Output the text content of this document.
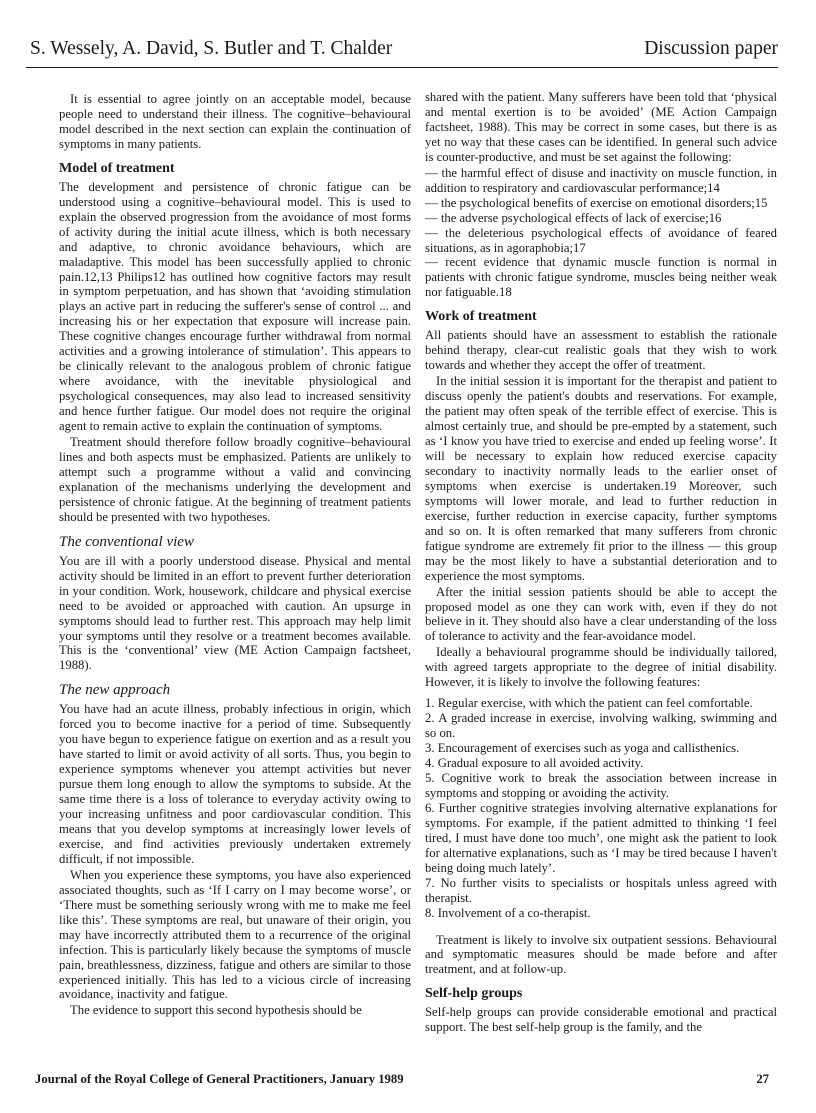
S. Wessely, A. David, S. Butler and T. Chalder	Discussion paper

It is essential to agree jointly on an acceptable model, because people need to understand their illness. The cognitive–behavioural model described in the next section can explain the continuation of symptoms in many patients.

Model of treatment

The development and persistence of chronic fatigue can be understood using a cognitive–behavioural model. This is used to explain the observed progression from the avoidance of most forms of activity during the initial acute illness, which is both necessary and adaptive, to chronic avoidance behaviours, which are maladaptive. This model has been successfully applied to chronic pain.12,13 Philips12 has outlined how cognitive factors may result in symptom perpetuation, and has shown that ‘avoiding stimulation plays an active part in reducing the sufferer's sense of control ... and increasing his or her expectation that exposure will increase pain. These cognitive changes encourage further withdrawal from normal activities and a growing intolerance of stimulation’. This appears to be clinically relevant to the analogous problem of chronic fatigue where avoidance, with the inevitable physiological and psychological consequences, may also lead to increased sensitivity and hence further fatigue. Our model does not require the original agent to remain active to explain the continuation of symptoms.

Treatment should therefore follow broadly cognitive–behavioural lines and both aspects must be emphasized. Patients are unlikely to attempt such a programme without a valid and convincing explanation of the mechanisms underlying the development and persistence of chronic fatigue. At the beginning of treatment patients should be presented with two hypotheses.

The conventional view

You are ill with a poorly understood disease. Physical and mental activity should be limited in an effort to prevent further deterioration in your condition. Work, housework, childcare and physical exercise need to be avoided or approached with caution. An upsurge in symptoms should lead to further rest. This approach may help limit your symptoms until they resolve or a treatment becomes available. This is the ‘conventional’ view (ME Action Campaign factsheet, 1988).

The new approach

You have had an acute illness, probably infectious in origin, which forced you to become inactive for a period of time. Subsequently you have begun to experience fatigue on exertion and as a result you have started to limit or avoid activity of all sorts. Thus, you begin to experience symptoms whenever you attempt activities but never pursue them long enough to allow the symptoms to subside. At the same time there is a loss of tolerance to everyday activity owing to your increasing unfitness and poor cardiovascular condition. This means that you develop symptoms at increasingly lower levels of exercise, and find activities previously undertaken extremely difficult, if not impossible.

When you experience these symptoms, you have also experienced associated thoughts, such as ‘If I carry on I may become worse’, or ‘There must be something seriously wrong with me to make me feel like this’. These symptoms are real, but unaware of their origin, you may have incorrectly attributed them to a recurrence of the original infection. This is particularly likely because the symptoms of muscle pain, breathlessness, dizziness, fatigue and others are similar to those experienced initially. This has led to a vicious circle of increasing avoidance, inactivity and fatigue.

The evidence to support this second hypothesis should be

shared with the patient. Many sufferers have been told that ‘physical and mental exertion is to be avoided’ (ME Action Campaign factsheet, 1988). This may be correct in some cases, but there is as yet no way that these cases can be identified. In general such advice is counter-productive, and must be set against the following:

— the harmful effect of disuse and inactivity on muscle function, in addition to respiratory and cardiovascular performance;14
— the psychological benefits of exercise on emotional disorders;15
— the adverse psychological effects of lack of exercise;16
— the deleterious psychological effects of avoidance of feared situations, as in agoraphobia;17
— recent evidence that dynamic muscle function is normal in patients with chronic fatigue syndrome, muscles being neither weak nor fatiguable.18
Work of treatment

All patients should have an assessment to establish the rationale behind therapy, clear-cut realistic goals that they wish to work towards and whether they accept the offer of treatment.

In the initial session it is important for the therapist and patient to discuss openly the patient's doubts and reservations. For example, the patient may often speak of the terrible effect of exercise. This is almost certainly true, and should be pre-empted by a statement, such as ‘I know you have tried to exercise and ended up feeling worse’. It will be necessary to explain how reduced exercise capacity secondary to inactivity normally leads to the earlier onset of symptoms when exercise is undertaken.19 Moreover, such symptoms will lower morale, and lead to further reduction in exercise, further reduction in exercise capacity, further symptoms and so on. It is often remarked that many sufferers from chronic fatigue syndrome are extremely fit prior to the illness — this group may be the most likely to have a substantial deterioration and to experience the most symptoms.

After the initial session patients should be able to accept the proposed model as one they can work with, even if they do not believe in it. They should also have a clear understanding of the loss of tolerance to activity and the fear-avoidance model.

Ideally a behavioural programme should be individually tailored, with agreed targets appropriate to the degree of initial disability. However, it is likely to involve the following features:

1. Regular exercise, with which the patient can feel comfortable.
2. A graded increase in exercise, involving walking, swimming and so on.
3. Encouragement of exercises such as yoga and callisthenics.
4. Gradual exposure to all avoided activity.
5. Cognitive work to break the association between increase in symptoms and stopping or avoiding the activity.
6. Further cognitive strategies involving alternative explanations for symptoms. For example, if the patient admitted to thinking ‘I feel tired, I must have done too much’, one might ask the patient to look for alternative explanations, such as ‘I may be tired because I haven't being doing much lately’.
7. No further visits to specialists or hospitals unless agreed with therapist.
8. Involvement of a co-therapist.

Treatment is likely to involve six outpatient sessions. Behavioural and symptomatic measures should be made before and after treatment, and at follow-up.

Self-help groups

Self-help groups can provide considerable emotional and practical support. The best self-help group is the family, and the

Journal of the Royal College of General Practitioners, January 1989	27
